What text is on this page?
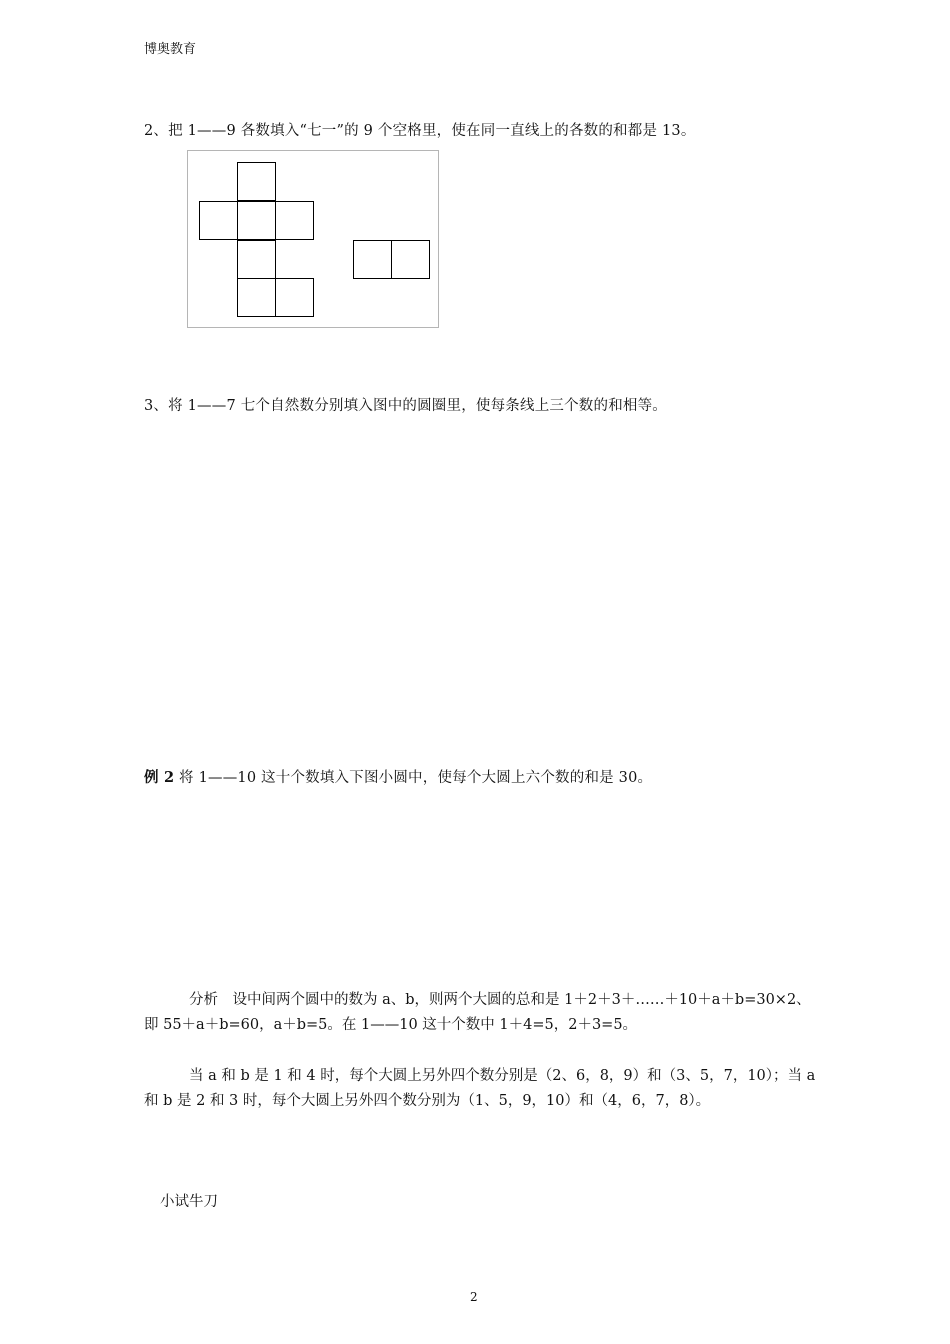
博奥教育
2、把 1——9 各数填入“七一”的 9 个空格里，使在同一直线上的各数的和都是 13。
3、将 1——7 七个自然数分别填入图中的圆圈里，使每条线上三个数的和相等。
例 2 将 1——10 这十个数填入下图小圆中，使每个大圆上六个数的和是 30。
分析　设中间两个圆中的数为 a、b，则两个大圆的总和是 1＋2＋3＋……＋10＋a＋b=30×2、即 55＋a＋b=60，a＋b=5。在 1——10 这十个数中 1＋4=5，2＋3=5。
当 a 和 b 是 1 和 4 时，每个大圆上另外四个数分别是（2、6，8，9）和（3、5，7，10）；当 a 和 b 是 2 和 3 时，每个大圆上另外四个数分别为（1、5，9，10）和（4，6，7，8）。
小试牛刀
2
